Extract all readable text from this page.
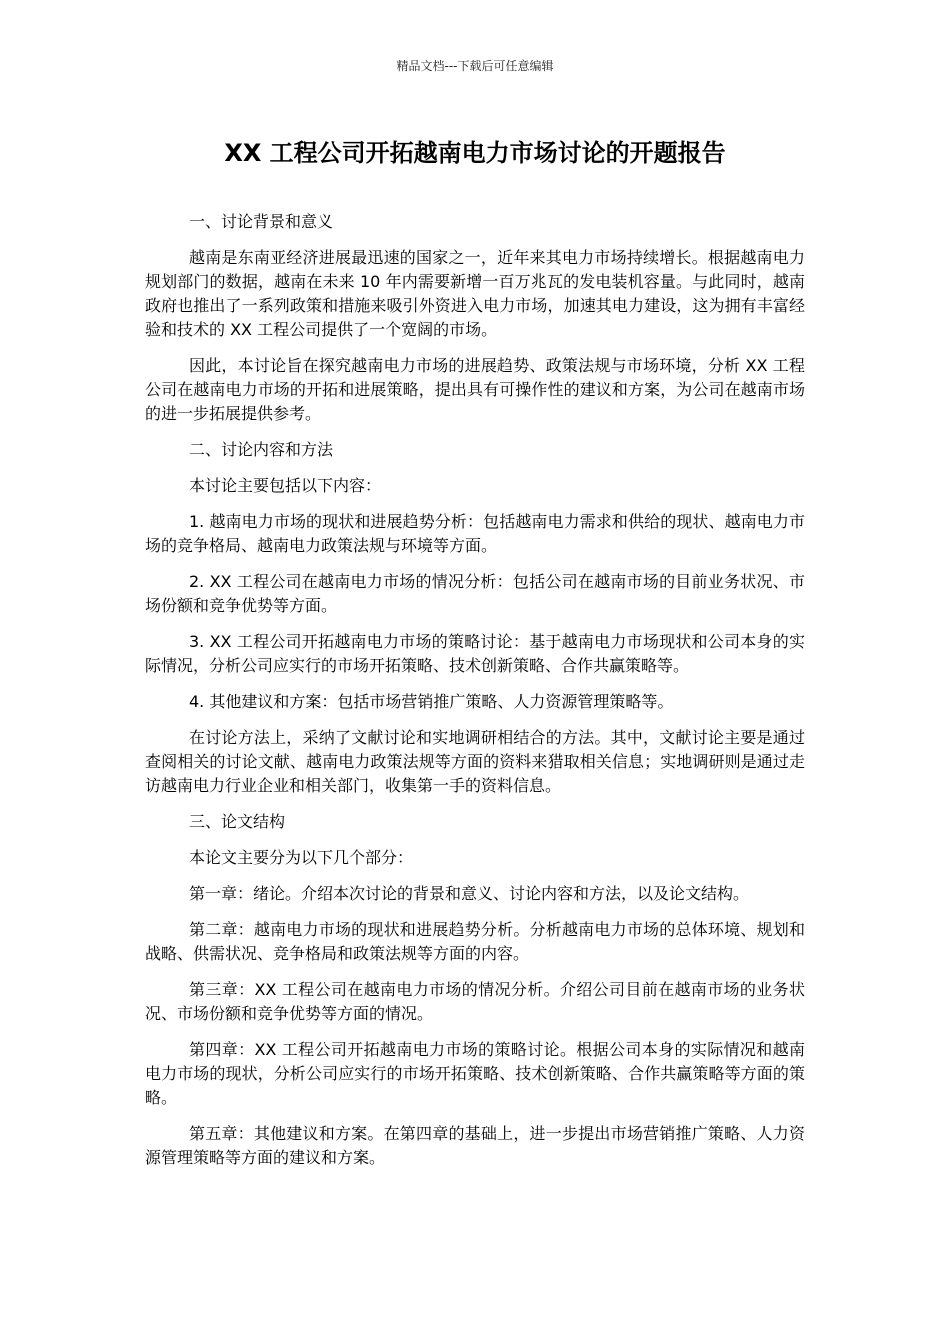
精品文档---下载后可任意编辑
XX 工程公司开拓越南电力市场讨论的开题报告

一、讨论背景和意义

越南是东南亚经济进展最迅速的国家之一，近年来其电力市场持续增长。根据越南电力规划部门的数据，越南在未来 10 年内需要新增一百万兆瓦的发电装机容量。与此同时，越南政府也推出了一系列政策和措施来吸引外资进入电力市场，加速其电力建设，这为拥有丰富经验和技术的 XX 工程公司提供了一个宽阔的市场。

因此，本讨论旨在探究越南电力市场的进展趋势、政策法规与市场环境，分析 XX 工程公司在越南电力市场的开拓和进展策略，提出具有可操作性的建议和方案，为公司在越南市场的进一步拓展提供参考。

二、讨论内容和方法

本讨论主要包括以下内容：

1. 越南电力市场的现状和进展趋势分析：包括越南电力需求和供给的现状、越南电力市场的竞争格局、越南电力政策法规与环境等方面。

2. XX 工程公司在越南电力市场的情况分析：包括公司在越南市场的目前业务状况、市场份额和竞争优势等方面。

3. XX 工程公司开拓越南电力市场的策略讨论：基于越南电力市场现状和公司本身的实际情况，分析公司应实行的市场开拓策略、技术创新策略、合作共赢策略等。

4. 其他建议和方案：包括市场营销推广策略、人力资源管理策略等。

在讨论方法上，采纳了文献讨论和实地调研相结合的方法。其中，文献讨论主要是通过查阅相关的讨论文献、越南电力政策法规等方面的资料来猎取相关信息；实地调研则是通过走访越南电力行业企业和相关部门，收集第一手的资料信息。

三、论文结构

本论文主要分为以下几个部分：

第一章：绪论。介绍本次讨论的背景和意义、讨论内容和方法，以及论文结构。

第二章：越南电力市场的现状和进展趋势分析。分析越南电力市场的总体环境、规划和战略、供需状况、竞争格局和政策法规等方面的内容。

第三章：XX 工程公司在越南电力市场的情况分析。介绍公司目前在越南市场的业务状况、市场份额和竞争优势等方面的情况。

第四章：XX 工程公司开拓越南电力市场的策略讨论。根据公司本身的实际情况和越南电力市场的现状，分析公司应实行的市场开拓策略、技术创新策略、合作共赢策略等方面的策略。

第五章：其他建议和方案。在第四章的基础上，进一步提出市场营销推广策略、人力资源管理策略等方面的建议和方案。
